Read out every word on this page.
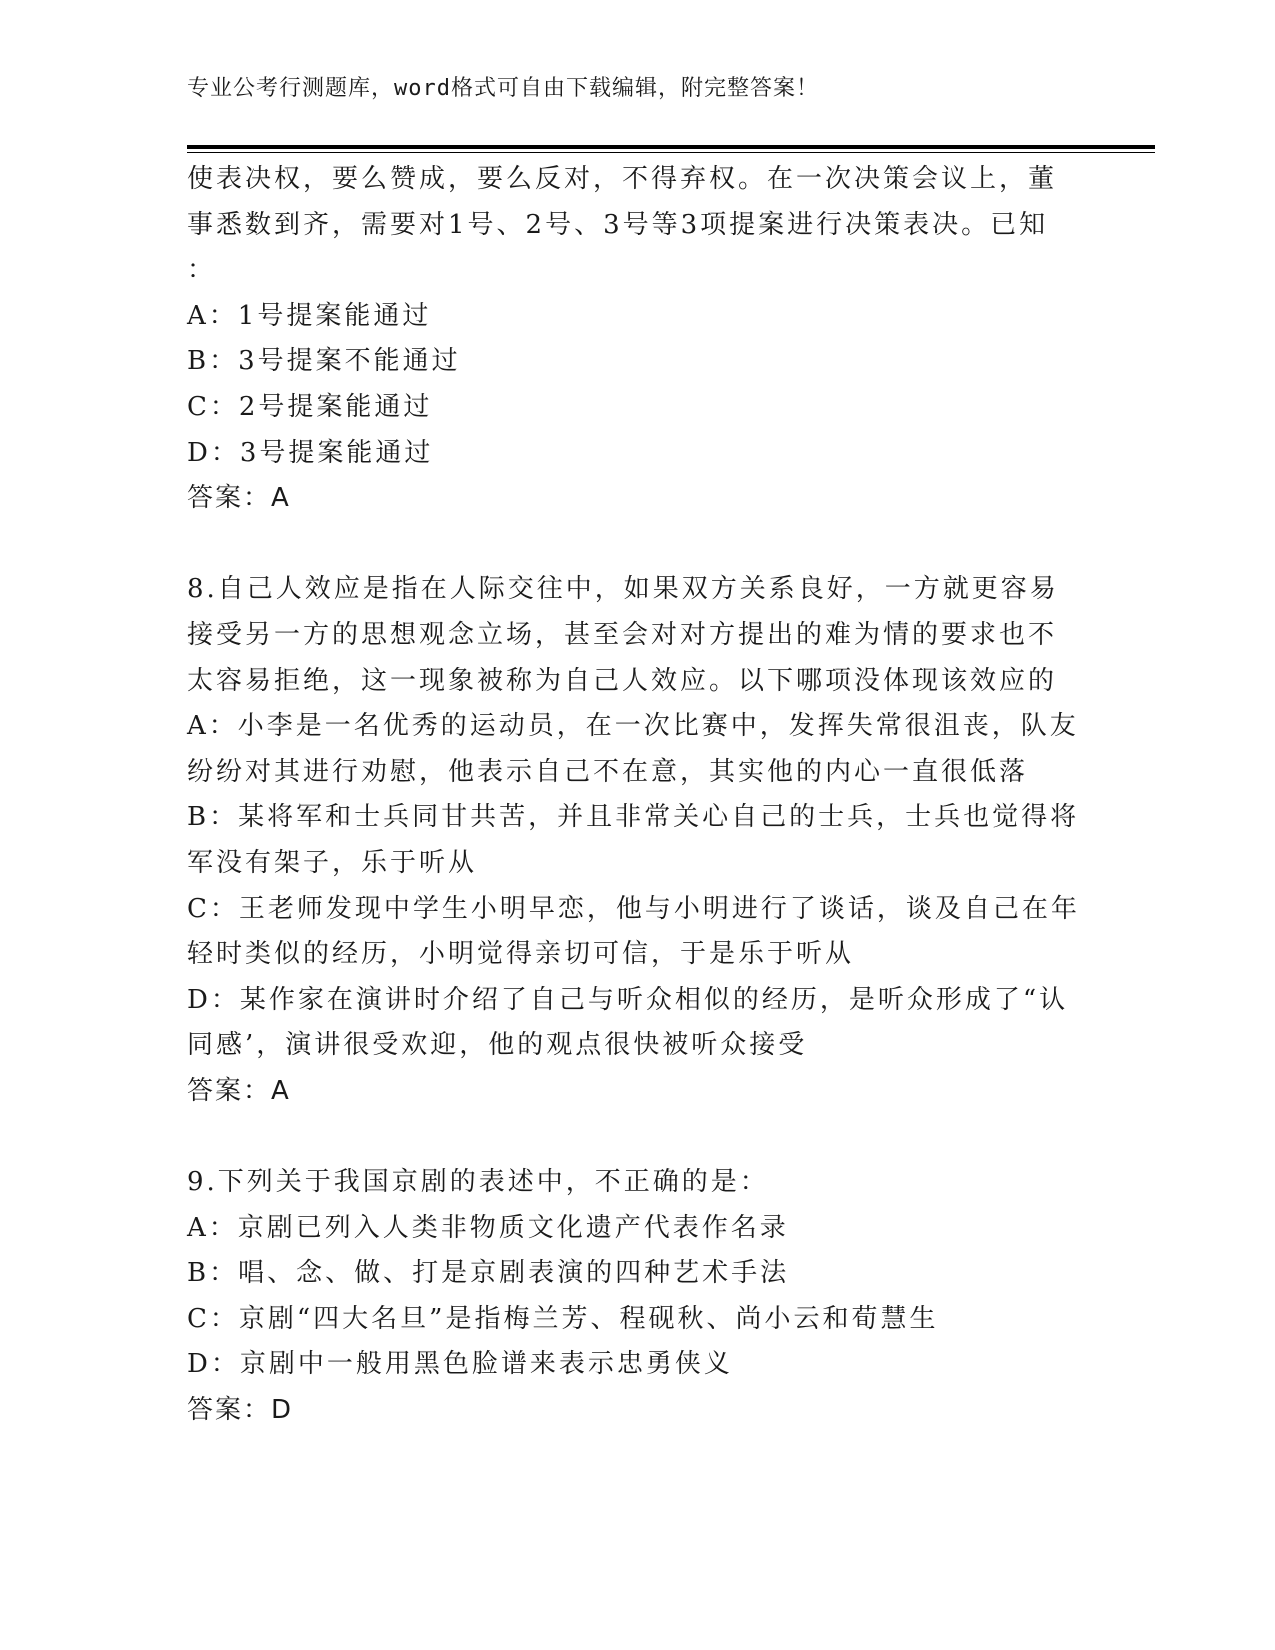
专业公考行测题库，word格式可自由下载编辑，附完整答案！
使表决权，要么赞成，要么反对，不得弃权。在一次决策会议上，董
事悉数到齐，需要对1号、2号、3号等3项提案进行决策表决。已知
：
A：1号提案能通过
B：3号提案不能通过
C：2号提案能通过
D：3号提案能通过
答案：A
8.自己人效应是指在人际交往中，如果双方关系良好，一方就更容易
接受另一方的思想观念立场，甚至会对对方提出的难为情的要求也不
太容易拒绝，这一现象被称为自己人效应。以下哪项没体现该效应的
A：小李是一名优秀的运动员，在一次比赛中，发挥失常很沮丧，队友
纷纷对其进行劝慰，他表示自己不在意，其实他的内心一直很低落
B：某将军和士兵同甘共苦，并且非常关心自己的士兵，士兵也觉得将
军没有架子，乐于听从
C：王老师发现中学生小明早恋，他与小明进行了谈话，谈及自己在年
轻时类似的经历，小明觉得亲切可信，于是乐于听从
D：某作家在演讲时介绍了自己与听众相似的经历，是听众形成了“认
同感’，演讲很受欢迎，他的观点很快被听众接受
答案：A
9.下列关于我国京剧的表述中，不正确的是：
A：京剧已列入人类非物质文化遗产代表作名录
B：唱、念、做、打是京剧表演的四种艺术手法
C：京剧“四大名旦”是指梅兰芳、程砚秋、尚小云和荀慧生
D：京剧中一般用黑色脸谱来表示忠勇侠义
答案：D
